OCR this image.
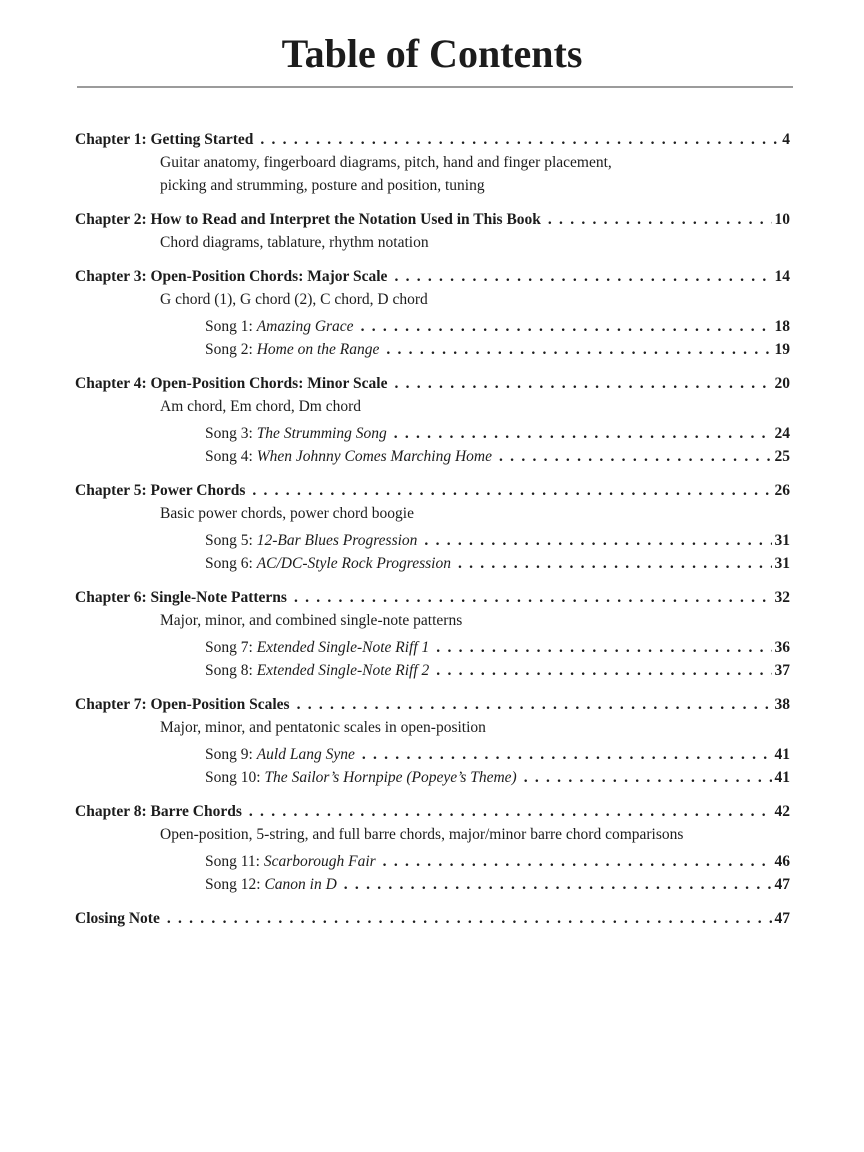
Table of Contents
Chapter 1: Getting Started . . .	4
Guitar anatomy, fingerboard diagrams, pitch, hand and finger placement,
picking and strumming, posture and position, tuning
Chapter 2: How to Read and Interpret the Notation Used in This Book . . .	10
Chord diagrams, tablature, rhythm notation
Chapter 3: Open-Position Chords: Major Scale . . .	14
G chord (1), G chord (2), C chord, D chord
Song 1: Amazing Grace . . .	18
Song 2: Home on the Range . . .	19
Chapter 4: Open-Position Chords: Minor Scale . . .	20
Am chord, Em chord, Dm chord
Song 3: The Strumming Song . . .	24
Song 4: When Johnny Comes Marching Home . . .	25
Chapter 5: Power Chords . . .	26
Basic power chords, power chord boogie
Song 5: 12-Bar Blues Progression . . .	31
Song 6: AC/DC-Style Rock Progression . . .	31
Chapter 6: Single-Note Patterns . . .	32
Major, minor, and combined single-note patterns
Song 7: Extended Single-Note Riff 1 . . .	36
Song 8: Extended Single-Note Riff 2 . . .	37
Chapter 7: Open-Position Scales . . .	38
Major, minor, and pentatonic scales in open-position
Song 9: Auld Lang Syne . . .	41
Song 10: The Sailor’s Hornpipe (Popeye’s Theme) . . .	41
Chapter 8: Barre Chords . . .	42
Open-position, 5-string, and full barre chords, major/minor barre chord comparisons
Song 11: Scarborough Fair . . .	46
Song 12: Canon in D . . .	47
Closing Note . . .	47
